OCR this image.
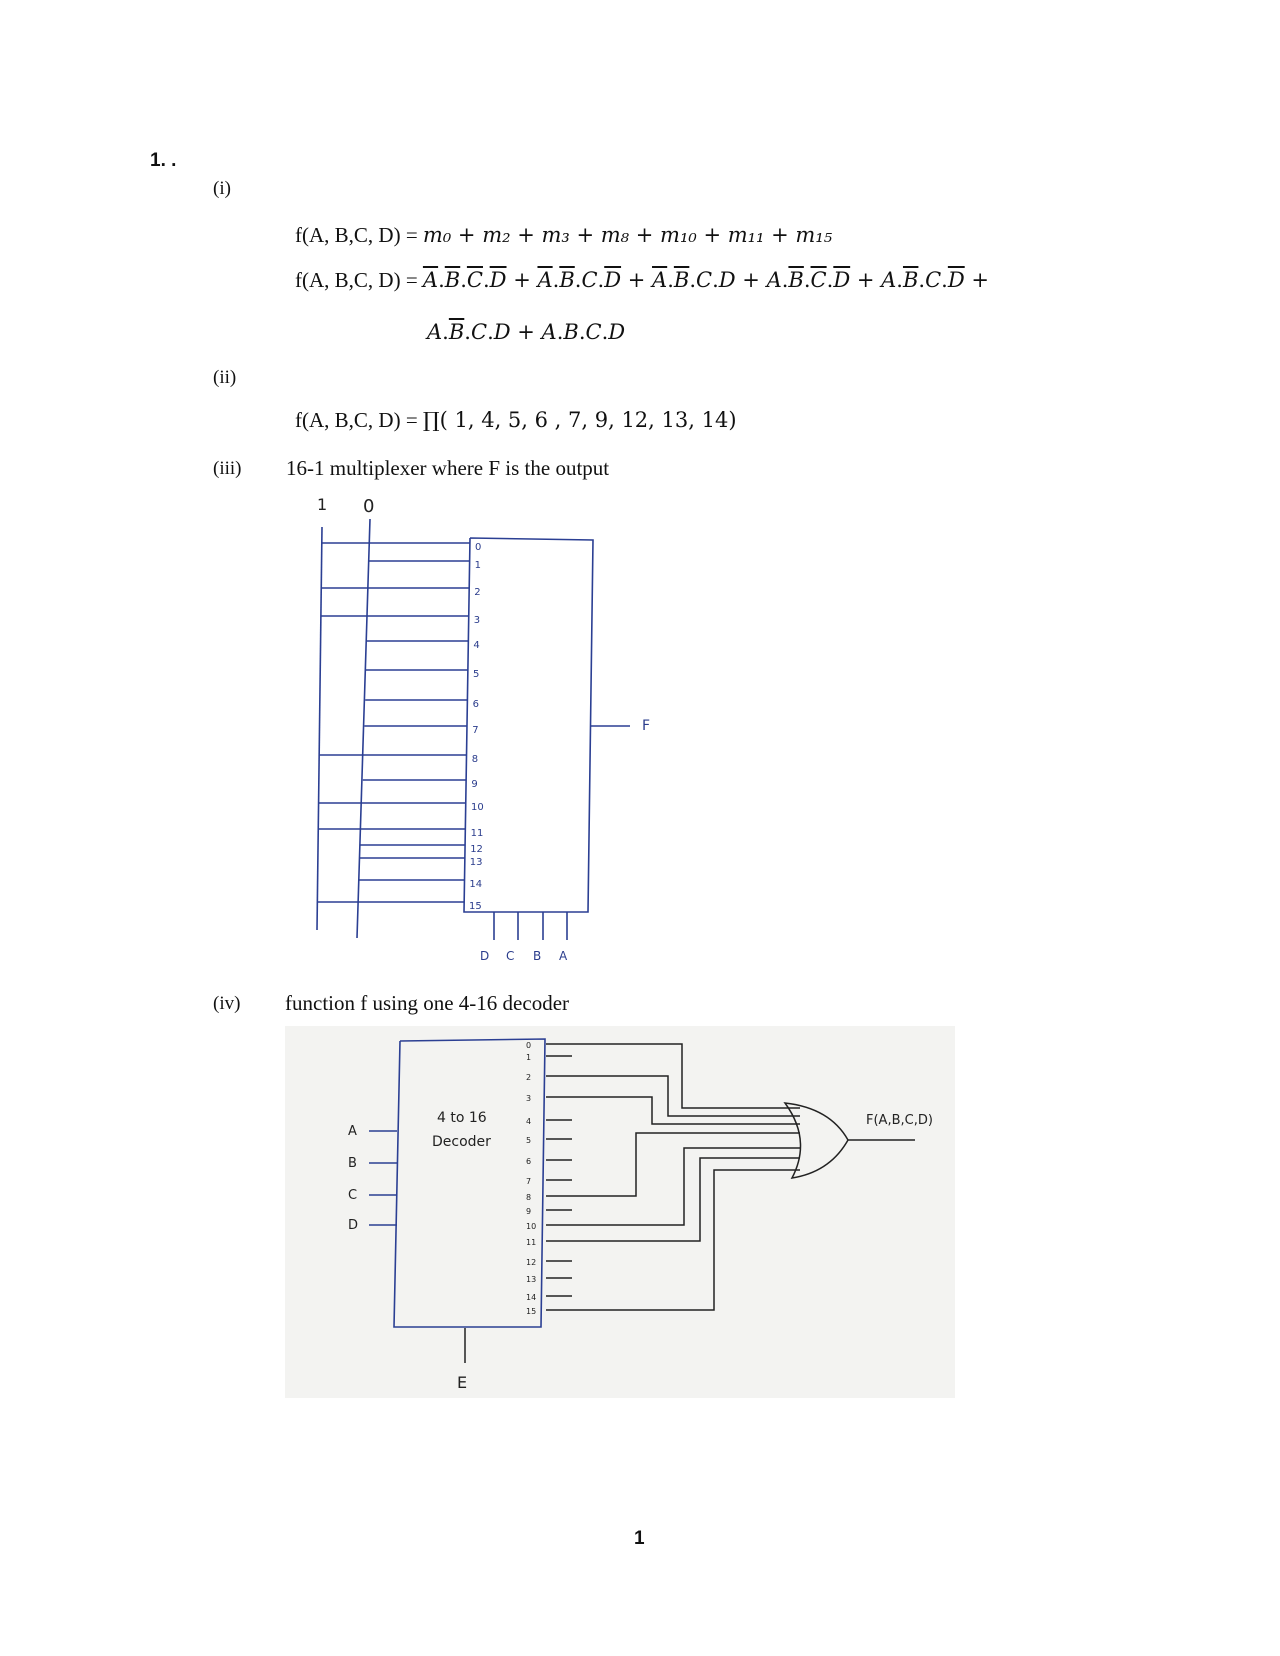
1. .
(i)
f(A, B,C, D) = m₀ + m₂ + m₃ + m₈ + m₁₀ + m₁₁ + m₁₅
f(A, B,C, $D) = \overline{A}.\overline{B}.\overline{C}.\overline{D} + \overline{A}.\overline{B}.C.\overline{D} + \overline{A}.\overline{B}.C.D + A.\overline{B}.\overline{C}.\overline{D} + A.\overline{B}.C.\overline{D}$ +
$A.\overline{B}.C.D + A.B.C.D$
(ii)
f(A, B,C, D) = ∏( 1, 4, 5, 6 , 7, 9, 12, 13, 14)
(iii) 16-1 multiplexer where F is the output
1 0
0
1
2
3
4
5
6
7
8
9
10
11
12
13
14
15
D C B A
F
(iv) function f using one 4-16 decoder
4 to 16
Decoder
A
B
C
D
E
0
1
2
3
4
5
6
7
8
9
10
11
12
13
14
15
F(A,B,C,D)
1
